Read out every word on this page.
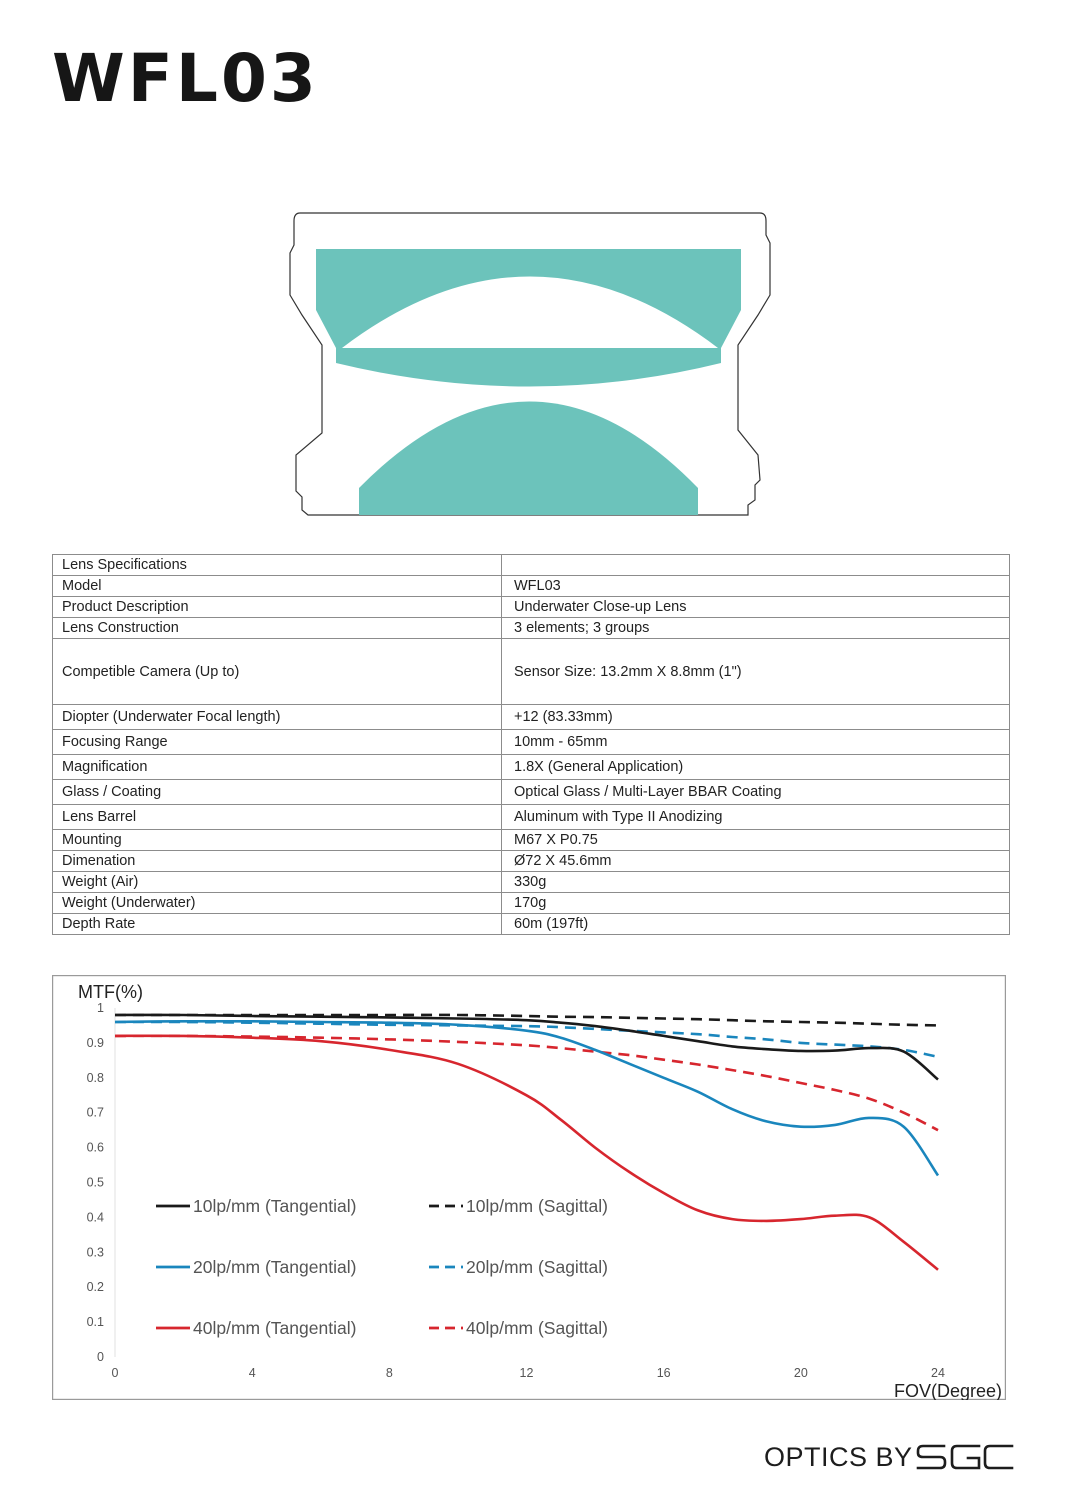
WFL03
Lens Specifications	
Model	WFL03
Product Description	Underwater Close-up Lens
Lens Construction	3 elements; 3 groups
Competible Camera (Up to)	Sensor Size: 13.2mm X 8.8mm (1")
Diopter (Underwater Focal length)	+12 (83.33mm)
Focusing Range	10mm - 65mm
Magnification	1.8X (General Application)
Glass / Coating	Optical Glass / Multi-Layer BBAR Coating
Lens Barrel	Aluminum with Type II Anodizing
Mounting	M67 X P0.75
Dimenation	Ø72 X 45.6mm
Weight (Air)	330g
Weight (Underwater)	170g
Depth Rate	60m (197ft)
MTF(%)
FOV(Degree)
0
0.1
0.2
0.3
0.4
0.5
0.6
0.7
0.8
0.9
1
0	4	8	12	16	20	24
10lp/mm (Tangential)	10lp/mm (Sagittal)
20lp/mm (Tangential)	20lp/mm (Sagittal)
40lp/mm (Tangential)	40lp/mm (Sagittal)
OPTICS BY
